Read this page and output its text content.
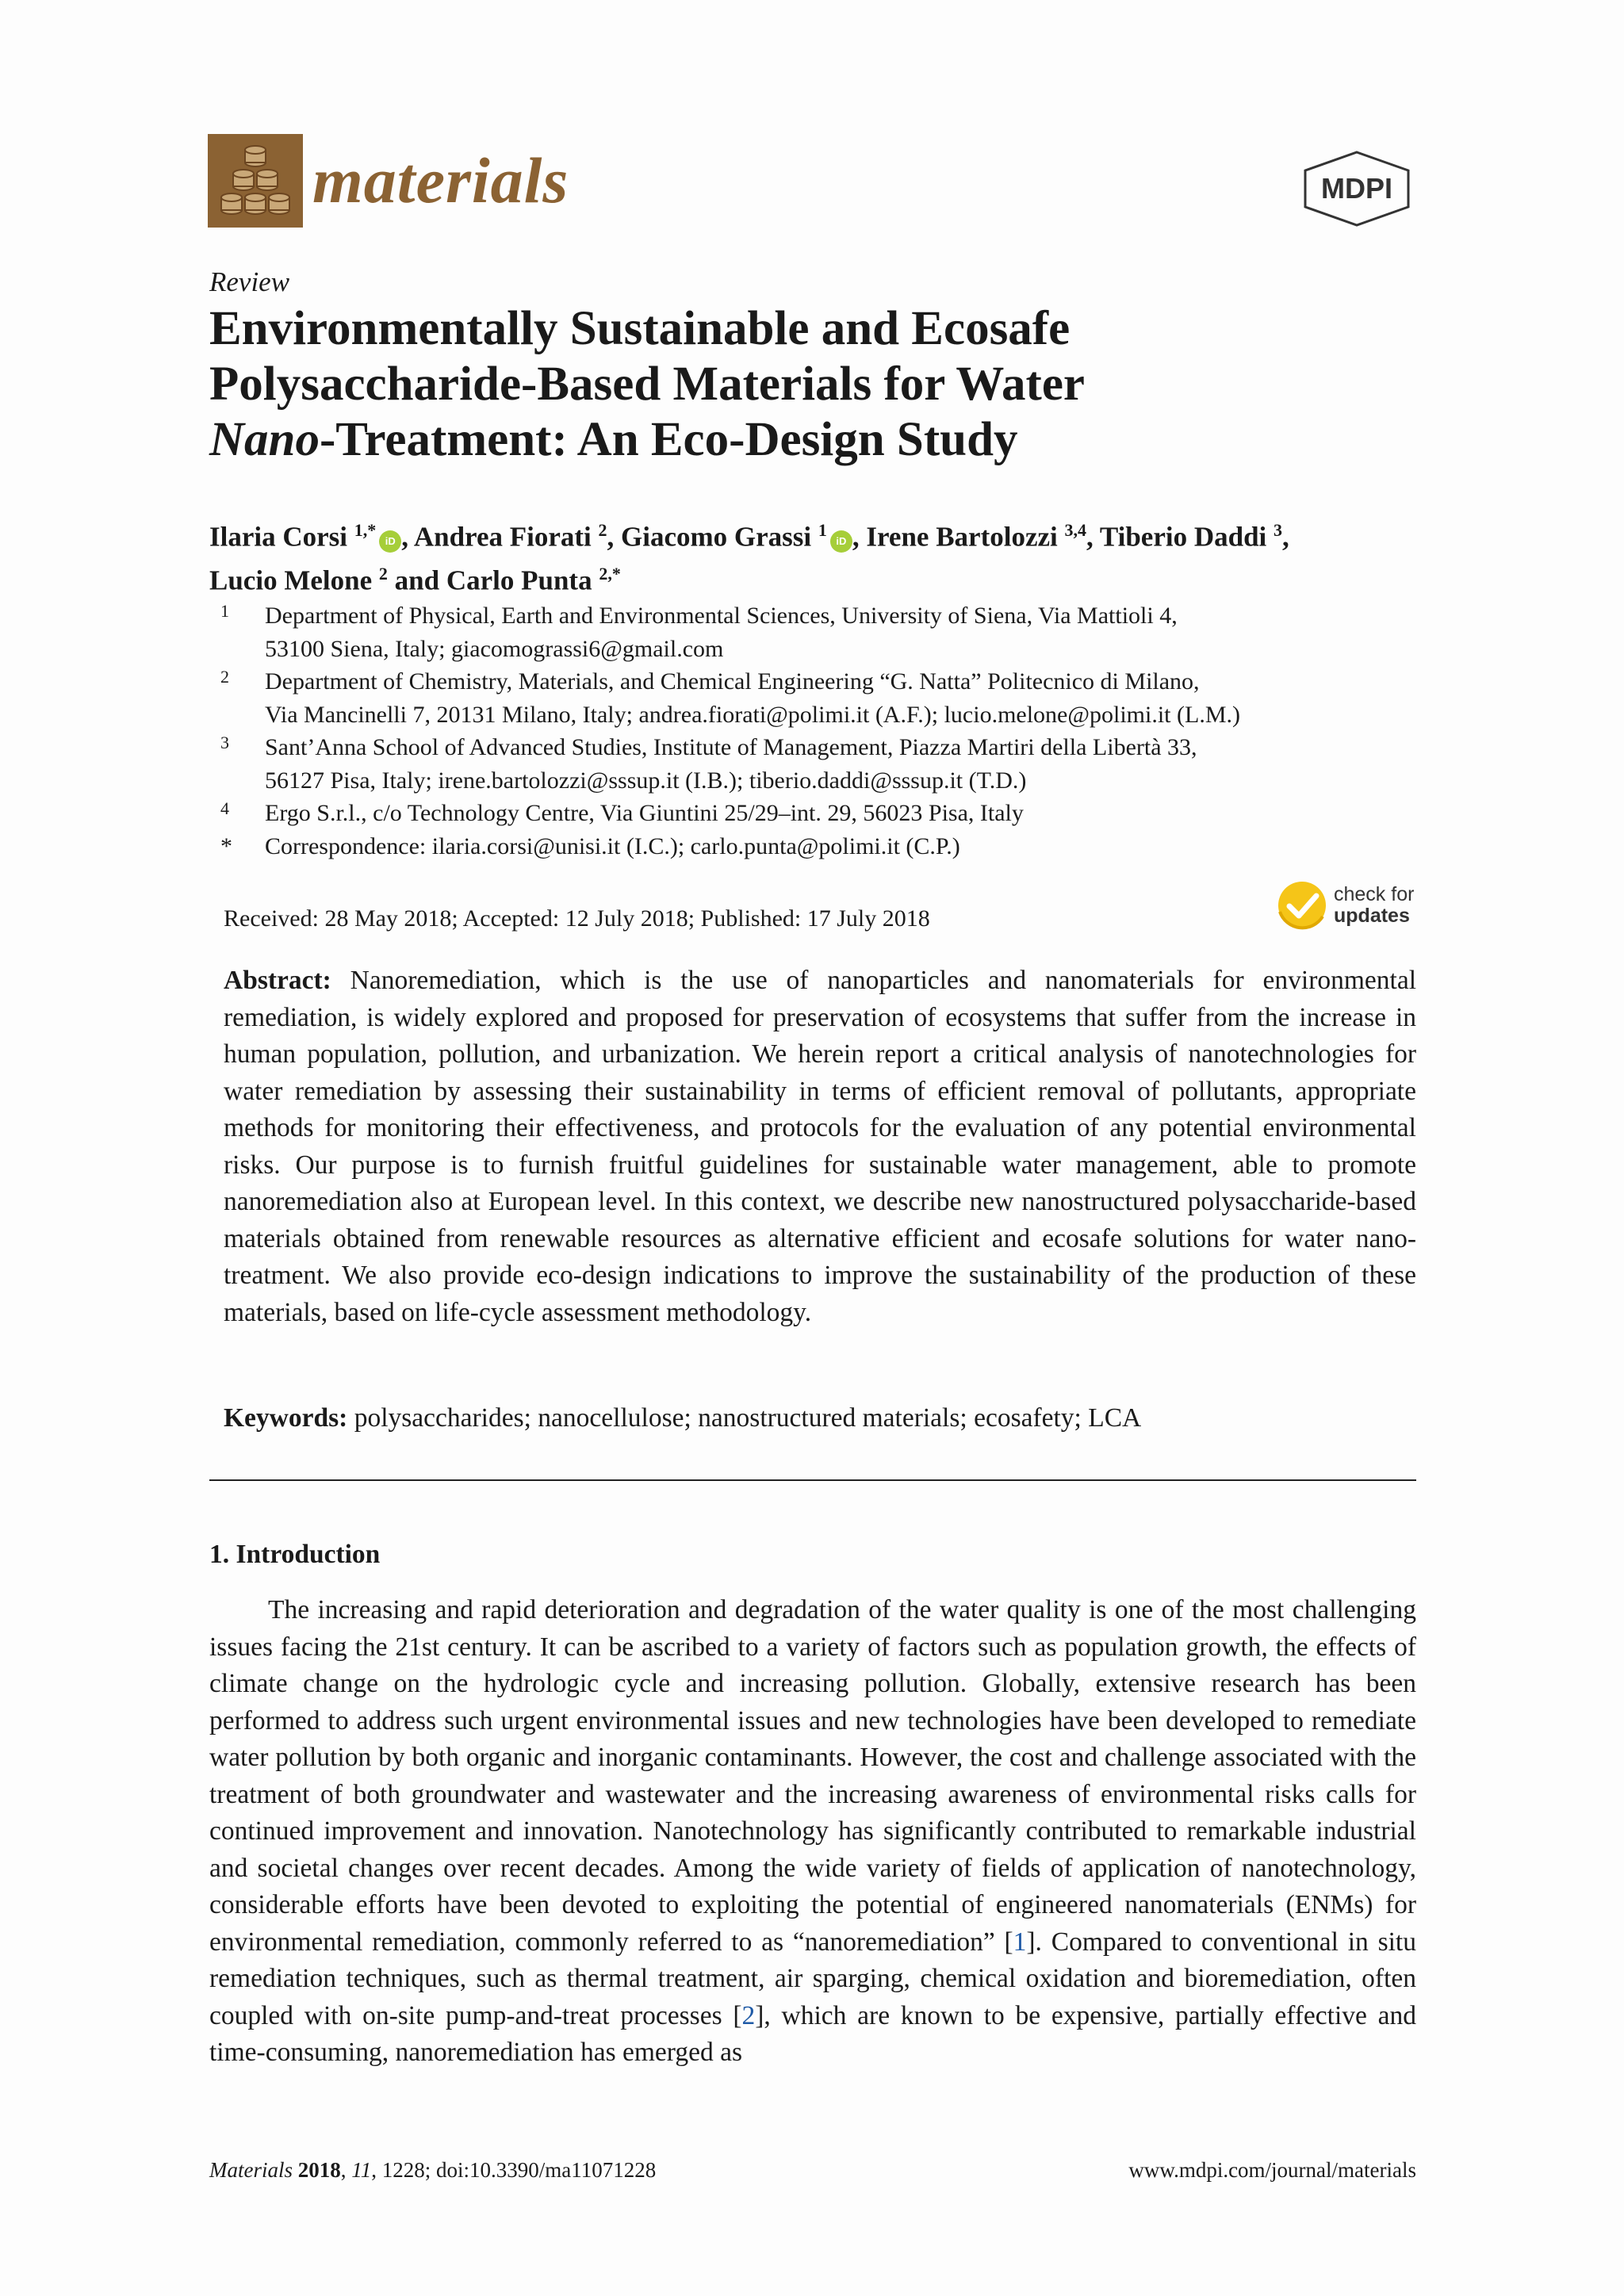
materials	MDPI
Review
Environmentally Sustainable and Ecosafe
Polysaccharide-Based Materials for Water
Nano-Treatment: An Eco-Design Study
Ilaria Corsi $^{1,*}$iD , Andrea Fiorati $^2$, Giacomo Grassi $^1$iD , Irene Bartolozzi $^{3,4}$, Tiberio Daddi $^3$,
Lucio Melone $^2$ and Carlo Punta $^{2,*}$
1 Department of Physical, Earth and Environmental Sciences, University of Siena, Via Mattioli 4,
53100 Siena, Italy; giacomograssi6@gmail.com
2 Department of Chemistry, Materials, and Chemical Engineering “G. Natta” Politecnico di Milano,
Via Mancinelli 7, 20131 Milano, Italy; andrea.fiorati@polimi.it (A.F.); lucio.melone@polimi.it (L.M.)
3 Sant’Anna School of Advanced Studies, Institute of Management, Piazza Martiri della Libertà 33,
56127 Pisa, Italy; irene.bartolozzi@sssup.it (I.B.); tiberio.daddi@sssup.it (T.D.)
4 Ergo S.r.l., c/o Technology Centre, Via Giuntini 25/29–int. 29, 56023 Pisa, Italy
* Correspondence: ilaria.corsi@unisi.it (I.C.); carlo.punta@polimi.it (C.P.)
Received: 28 May 2018; Accepted: 12 July 2018; Published: 17 July 2018
check for
updates
Abstract: Nanoremediation, which is the use of nanoparticles and nanomaterials for environmental remediation, is widely explored and proposed for preservation of ecosystems that suffer from the increase in human population, pollution, and urbanization. We herein report a critical analysis of nanotechnologies for water remediation by assessing their sustainability in terms of efficient removal of pollutants, appropriate methods for monitoring their effectiveness, and protocols for the evaluation of any potential environmental risks. Our purpose is to furnish fruitful guidelines for sustainable water management, able to promote nanoremediation also at European level. In this context, we describe new nanostructured polysaccharide-based materials obtained from renewable resources as alternative efficient and ecosafe solutions for water nano-treatment. We also provide eco-design indications to improve the sustainability of the production of these materials, based on life-cycle assessment methodology.
Keywords: polysaccharides; nanocellulose; nanostructured materials; ecosafety; LCA
1. Introduction
The increasing and rapid deterioration and degradation of the water quality is one of the most challenging issues facing the 21st century. It can be ascribed to a variety of factors such as population growth, the effects of climate change on the hydrologic cycle and increasing pollution. Globally, extensive research has been performed to address such urgent environmental issues and new technologies have been developed to remediate water pollution by both organic and inorganic contaminants. However, the cost and challenge associated with the treatment of both groundwater and wastewater and the increasing awareness of environmental risks calls for continued improvement and innovation. Nanotechnology has significantly contributed to remarkable industrial and societal changes over recent decades. Among the wide variety of fields of application of nanotechnology, considerable efforts have been devoted to exploiting the potential of engineered nanomaterials (ENMs) for environmental remediation, commonly referred to as “nanoremediation” [1]. Compared to conventional in situ remediation techniques, such as thermal treatment, air sparging, chemical oxidation and bioremediation, often coupled with on-site pump-and-treat processes [2], which are known to be expensive, partially effective and time-consuming, nanoremediation has emerged as
Materials 2018, 11, 1228; doi:10.3390/ma11071228	www.mdpi.com/journal/materials
